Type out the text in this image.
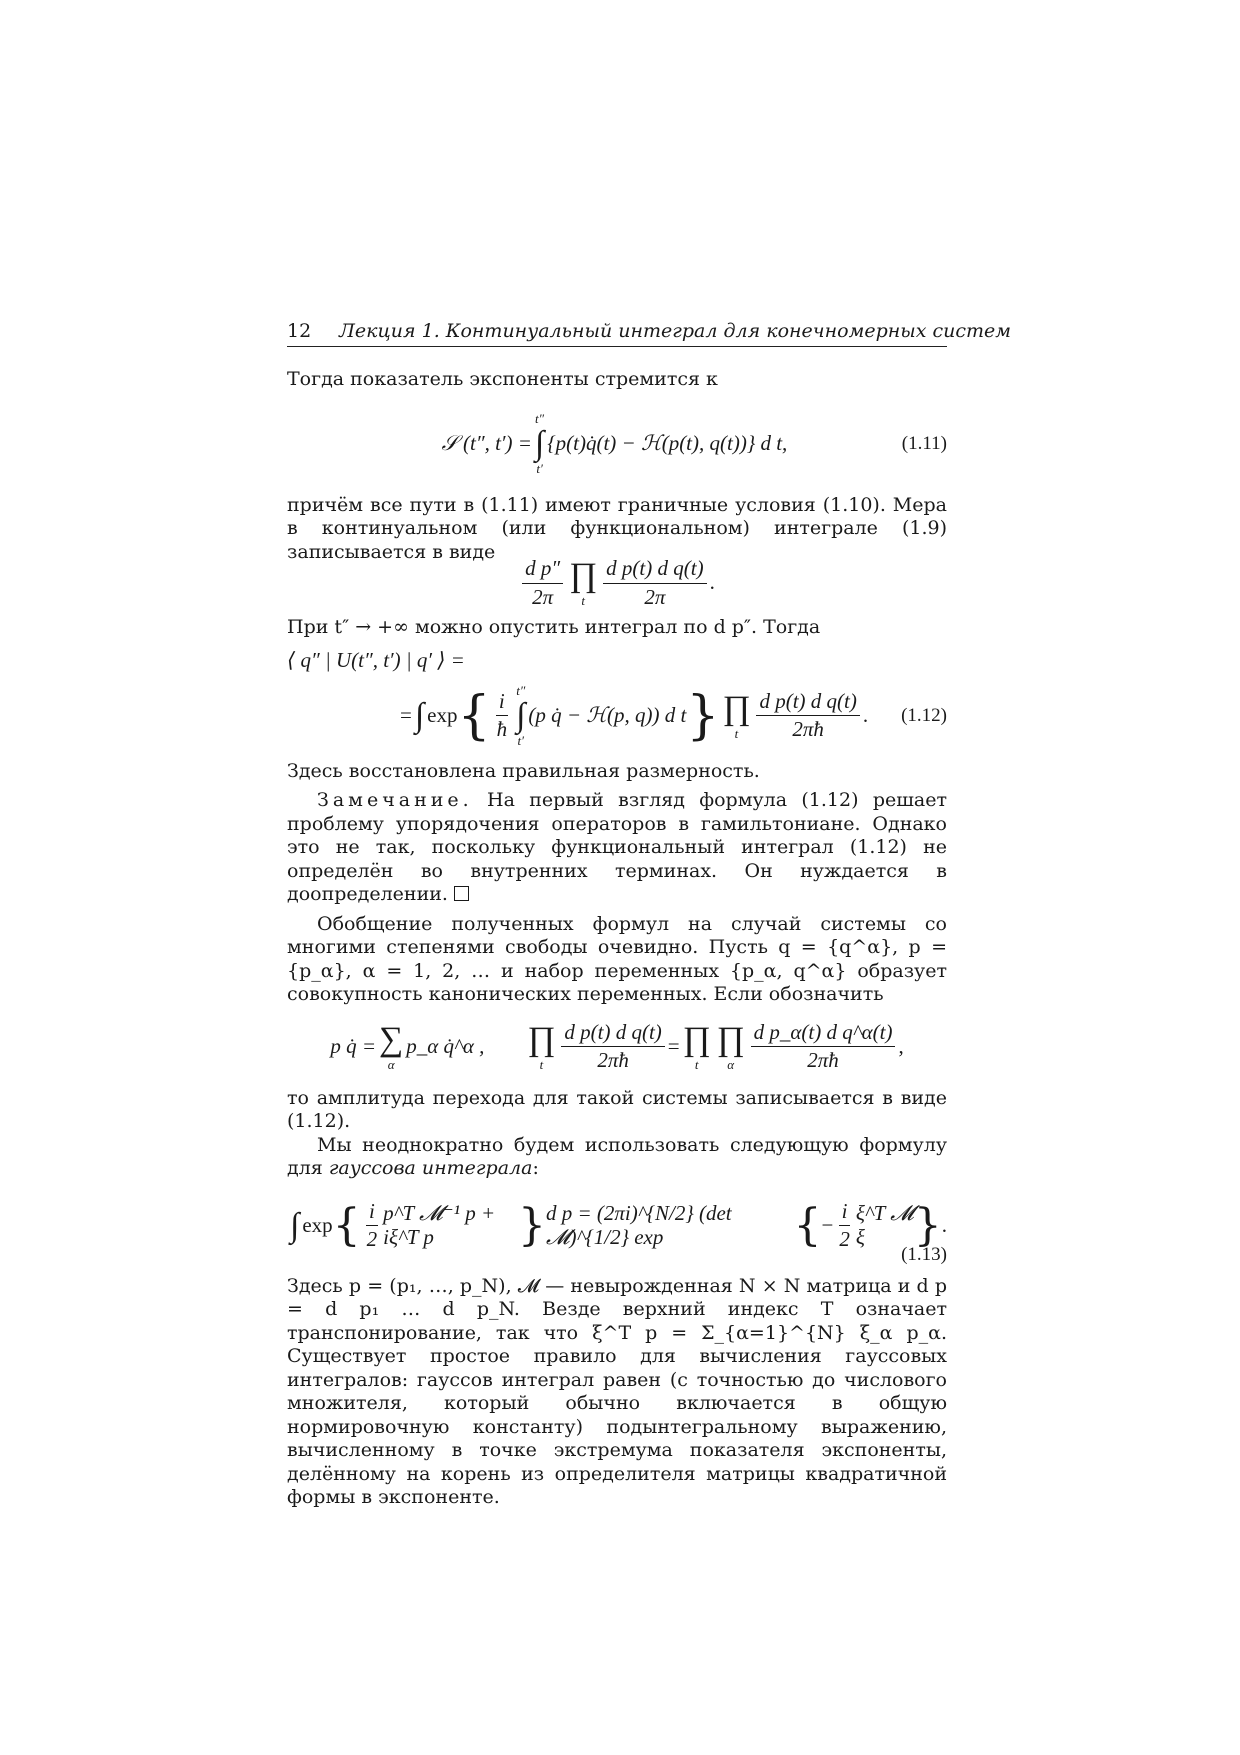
12 Лекция 1. Континуальный интеграл для конечномерных систем

Тогда показатель экспоненты стремится к

𝒮 (t″, t′) =
t″
∫
t′
{p(t)q̇(t) − ℋ(p(t), q(t))} d t,	(1.11)

причём все пути в (1.11) имеют граничные условия (1.10). Мера в континуальном (или функциональном) интеграле (1.9) записывается в виде

$\frac{\text{d p″}}{2\pi}$ ∏
t $\frac{\text{d p(t) d q(t)}}{2\pi}$ .

При t″ → +∞ можно опустить интеграл по d p″. Тогда

⟨ q″ | U(t″, t′) | q′ ⟩ =
= ∫ exp { $\frac{i}{ħ} t''$
∫
t′
(p q̇ − ℋ(p, q)) d t } ∏
t $\frac{\text{d p(t) d q(t)}}{2\pi ħ}$ . (1.12)

Здесь восстановлена правильная размерность.

Замечание. На первый взгляд формула (1.12) решает проблему упорядочения операторов в гамильтониане. Однако это не так, поскольку функциональный интеграл (1.12) не определён во внутренних терминах. Он нуждается в доопределении.

Обобщение полученных формул на случай системы со многими степенями свободы очевидно. Пусть q = {q^α}, p = {p_α}, α = 1, 2, … и набор переменных {p_α, q^α} образует совокупность канонических переменных. Если обозначить

p q̇ = ∑
α
p_α q̇^α , ∏
t $\frac{\text{d p(t) d q(t)}}{2\pi ħ}$ = ∏
t
∏
α $\frac{\text{d p\_α(t) d q\textasciicircum{}α(t)}}{2\pi ħ}$ ,

то амплитуда перехода для такой системы записывается в виде (1.12).

Мы неоднократно будем использовать следующую формулу для гауссова интеграла:

∫ exp { $\frac{i}{2}$ p^T 𝓜⁻¹ p + iξ^T p	} d p = (2πi)^{N/2} (det 𝓜)^{1/2} exp	{ − $\frac{i}{2}$ ξ^T 𝓜 ξ	} .
(1.13)

Здесь p = (p₁, …, p_N), 𝓜 — невырожденная N × N матрица и d p = d p₁ … d p_N. Везде верхний индекс T означает транспонирование, так что ξ^T p = Σ_{α=1}^{N} ξ_α p_α. Существует простое правило для вычисления гауссовых интегралов: гауссов интеграл равен (с точностью до числового множителя, который обычно включается в общую нормировочную константу) подынтегральному выражению, вычисленному в точке экстремума показателя экспоненты, делённому на корень из определителя матрицы квадратичной формы в экспоненте.
